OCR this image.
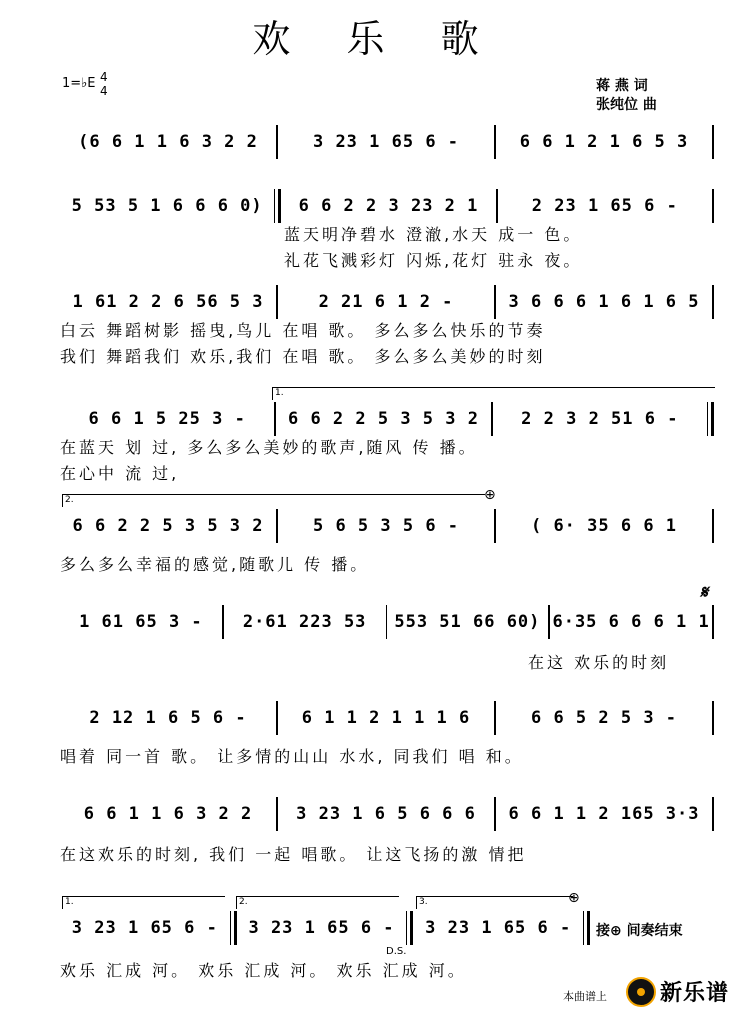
欢 乐 歌
1=♭E 4
4	蒋 燕 词
张纯位 曲
(6 6 1 1 6 3 2 2	3 23 1 65 6 -	6 6 1 2 1 6 5 3
5 53 5 1 6 6 6 0)	6 6 2 2 3 23 2 1	2 23 1 65 6 -
蓝天明净碧水 澄澈,水天 成一 色。
礼花飞溅彩灯 闪烁,花灯 驻永 夜。
1 61 2 2 6 56 5 3	2 21 6 1 2 -	3 6 6 6 1 6 1 6 5
白云 舞蹈树影 摇曳,鸟儿 在唱 歌。 多么多么快乐的节奏
我们 舞蹈我们 欢乐,我们 在唱 歌。 多么多么美妙的时刻
1.
6 6 1 5 25 3 -	6 6 2 2 5 3 5 3 2	2 2 3 2 51 6 -
在蓝天 划 过, 多么多么美妙的歌声,随风 传 播。
在心中 流 过,
2.	⊕
6 6 2 2 5 3 5 3 2	5 6 5 3 5 6 -	( 6· 35 6 6 1
多么多么幸福的感觉,随歌儿 传 播。
𝄋
1 61 65 3 -	2·61 223 53	553 51 66 60) 6·35 6 6 6 1 1
在这 欢乐的时刻
2 12 1 6 5 6 -	6 1 1 2 1 1 1 6	6 6 5 2 5 3 -
唱着 同一首 歌。 让多情的山山 水水, 同我们 唱 和。
6 6 1 1 6 3 2 2	3 23 1 6 5 6 6 6	6 6 1 1 2 165 3·3
在这欢乐的时刻, 我们 一起 唱歌。 让这飞扬的激 情把
1.	2.	3.	⊕
D.S.
3 23 1 65 6 -	3 23 1 65 6 -	3 23 1 65 6 -
欢乐 汇成 河。 欢乐 汇成 河。 欢乐 汇成 河。
接⊕ 间奏结束
本曲谱上 新乐谱
